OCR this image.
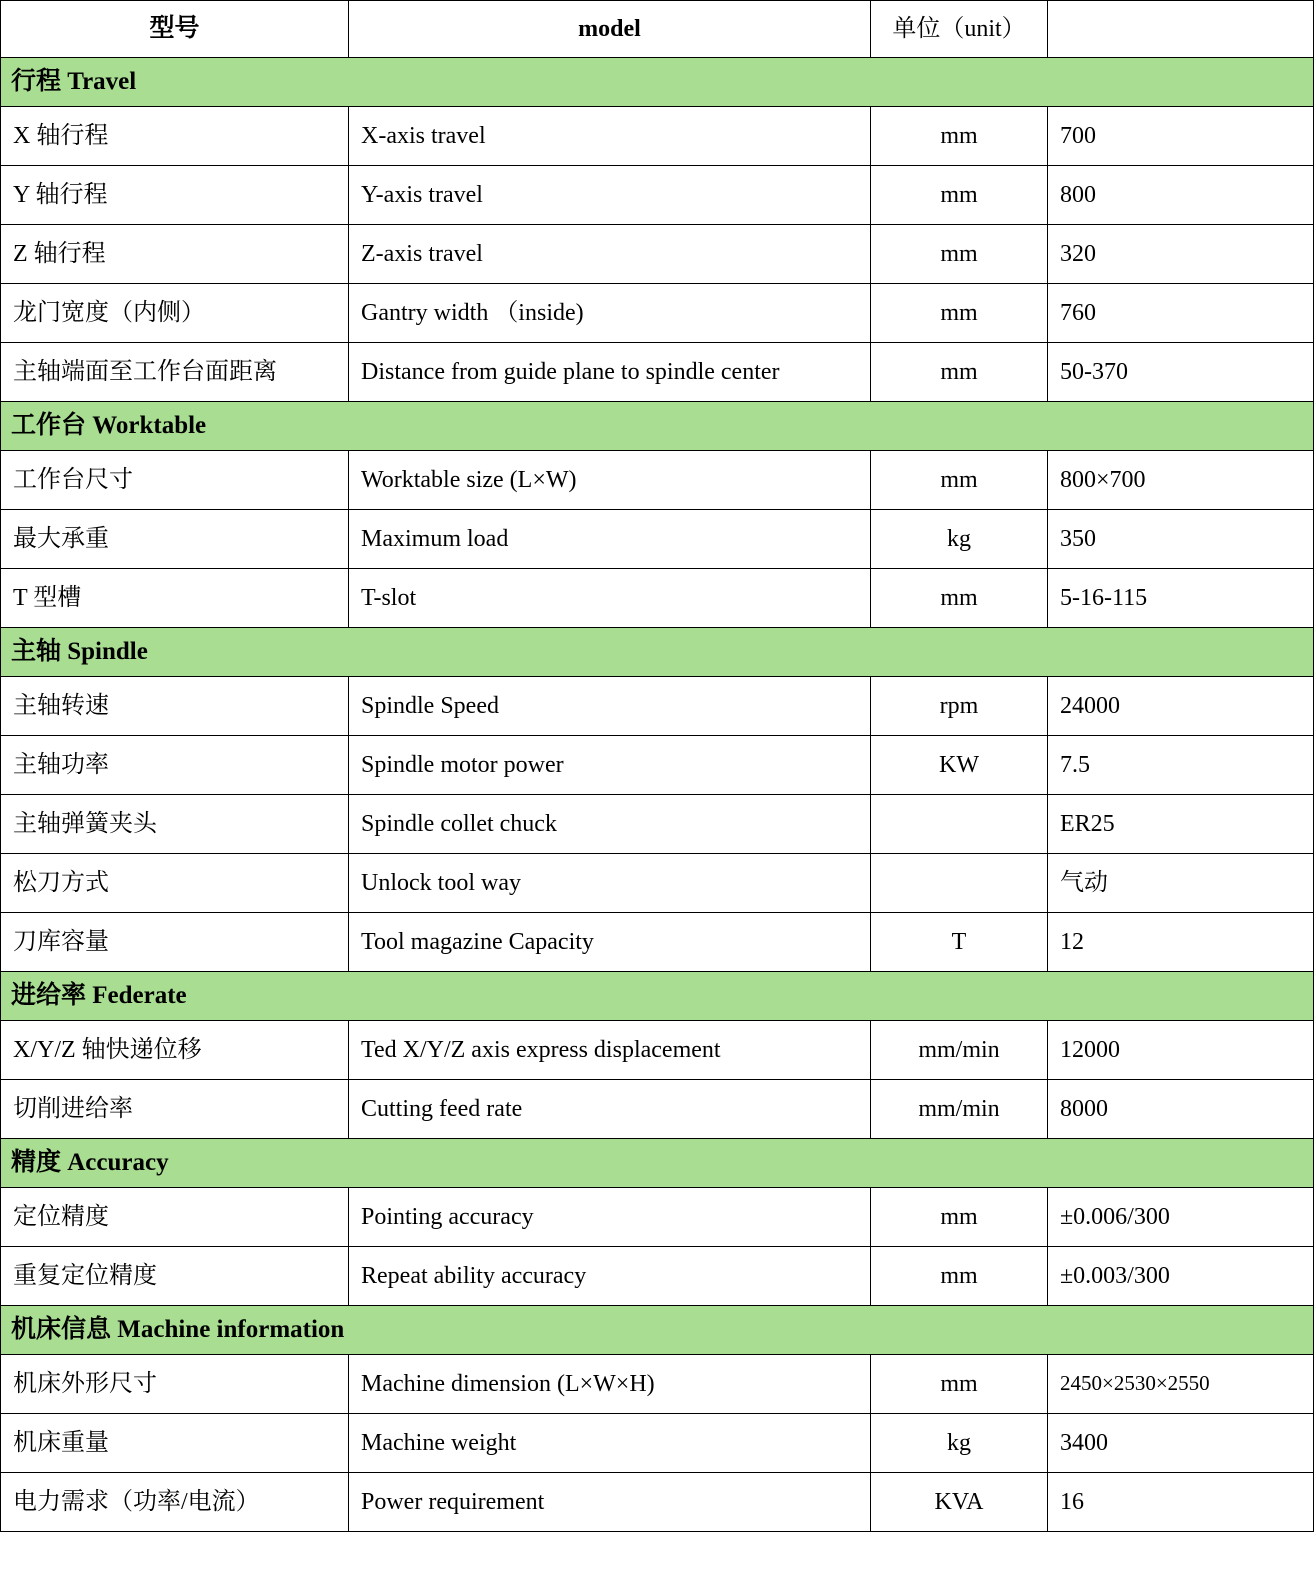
型号	model	单位（unit）	
行程 Travel			
X 轴行程	X-axis travel	mm	700
Y 轴行程	Y-axis travel	mm	800
Z 轴行程	Z-axis travel	mm	320
龙门宽度（内侧）	Gantry width （inside)	mm	760
主轴端面至工作台面距离	Distance from guide plane to spindle center	mm	50-370
工作台 Worktable			
工作台尺寸	Worktable size (L×W)	mm	800×700
最大承重	Maximum load	kg	350
T 型槽	T-slot	mm	5-16-115
主轴 Spindle			
主轴转速	Spindle Speed	rpm	24000
主轴功率	Spindle motor power	KW	7.5
主轴弹簧夹头	Spindle collet chuck		ER25
松刀方式	Unlock tool way		气动
刀库容量	Tool magazine Capacity	T	12
进给率 Federate			
X/Y/Z 轴快递位移	Ted X/Y/Z axis express displacement	mm/min	12000
切削进给率	Cutting feed rate	mm/min	8000
精度 Accuracy			
定位精度	Pointing accuracy	mm	±0.006/300
重复定位精度	Repeat ability accuracy	mm	±0.003/300
机床信息 Machine information			
机床外形尺寸	Machine dimension (L×W×H)	mm	2450×2530×2550
机床重量	Machine weight	kg	3400
电力需求（功率/电流）	Power requirement	KVA	16
